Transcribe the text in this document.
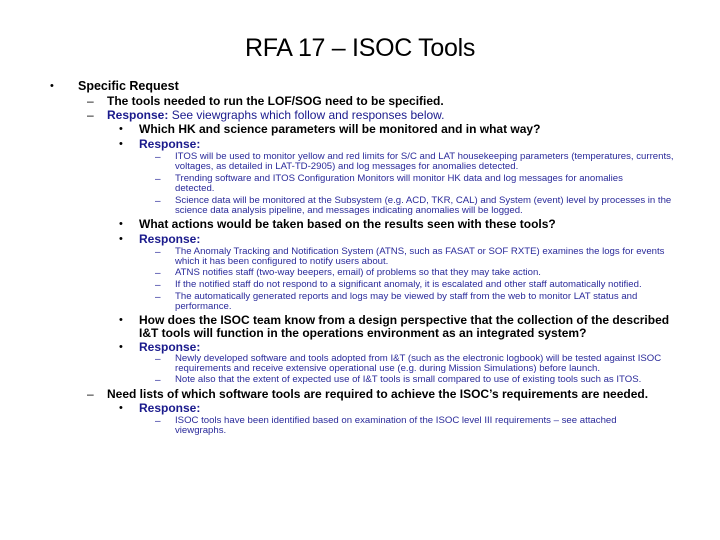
RFA 17 – ISOC Tools
• Specific Request
– The tools needed to run the LOF/SOG need to be specified.
– Response: See viewgraphs which follow and responses below.
• Which HK and science parameters will be monitored and in what way?
• Response:
– ITOS will be used to monitor yellow and red limits for S/C and LAT housekeeping parameters (temperatures, currents, voltages, as detailed in LAT-TD-2905) and log messages for anomalies detected.
– Trending software and ITOS Configuration Monitors will monitor HK data and log messages for anomalies detected.
– Science data will be monitored at the Subsystem (e.g. ACD, TKR, CAL) and System (event) level by processes in the science data analysis pipeline, and messages indicating anomalies will be logged.
• What actions would be taken based on the results seen with these tools?
• Response:
– The Anomaly Tracking and Notification System (ATNS, such as FASAT or SOF RXTE) examines the logs for events which it has been configured to notify users about.
– ATNS notifies staff (two-way beepers, email) of problems so that they may take action.
– If the notified staff do not respond to a significant anomaly, it is escalated and other staff automatically notified.
– The automatically generated reports and logs may be viewed by staff from the web to monitor LAT status and performance.
• How does the ISOC team know from a design perspective that the collection of the described
I&T tools will function in the operations environment as an integrated system?
• Response:
– Newly developed software and tools adopted from I&T (such as the electronic logbook) will be tested against ISOC requirements and receive extensive operational use (e.g. during Mission Simulations) before launch.
– Note also that the extent of expected use of I&T tools is small compared to use of existing tools such as ITOS.
– Need lists of which software tools are required to achieve the ISOC’s requirements are needed.
• Response:
– ISOC tools have been identified based on examination of the ISOC level III requirements – see attached viewgraphs.
